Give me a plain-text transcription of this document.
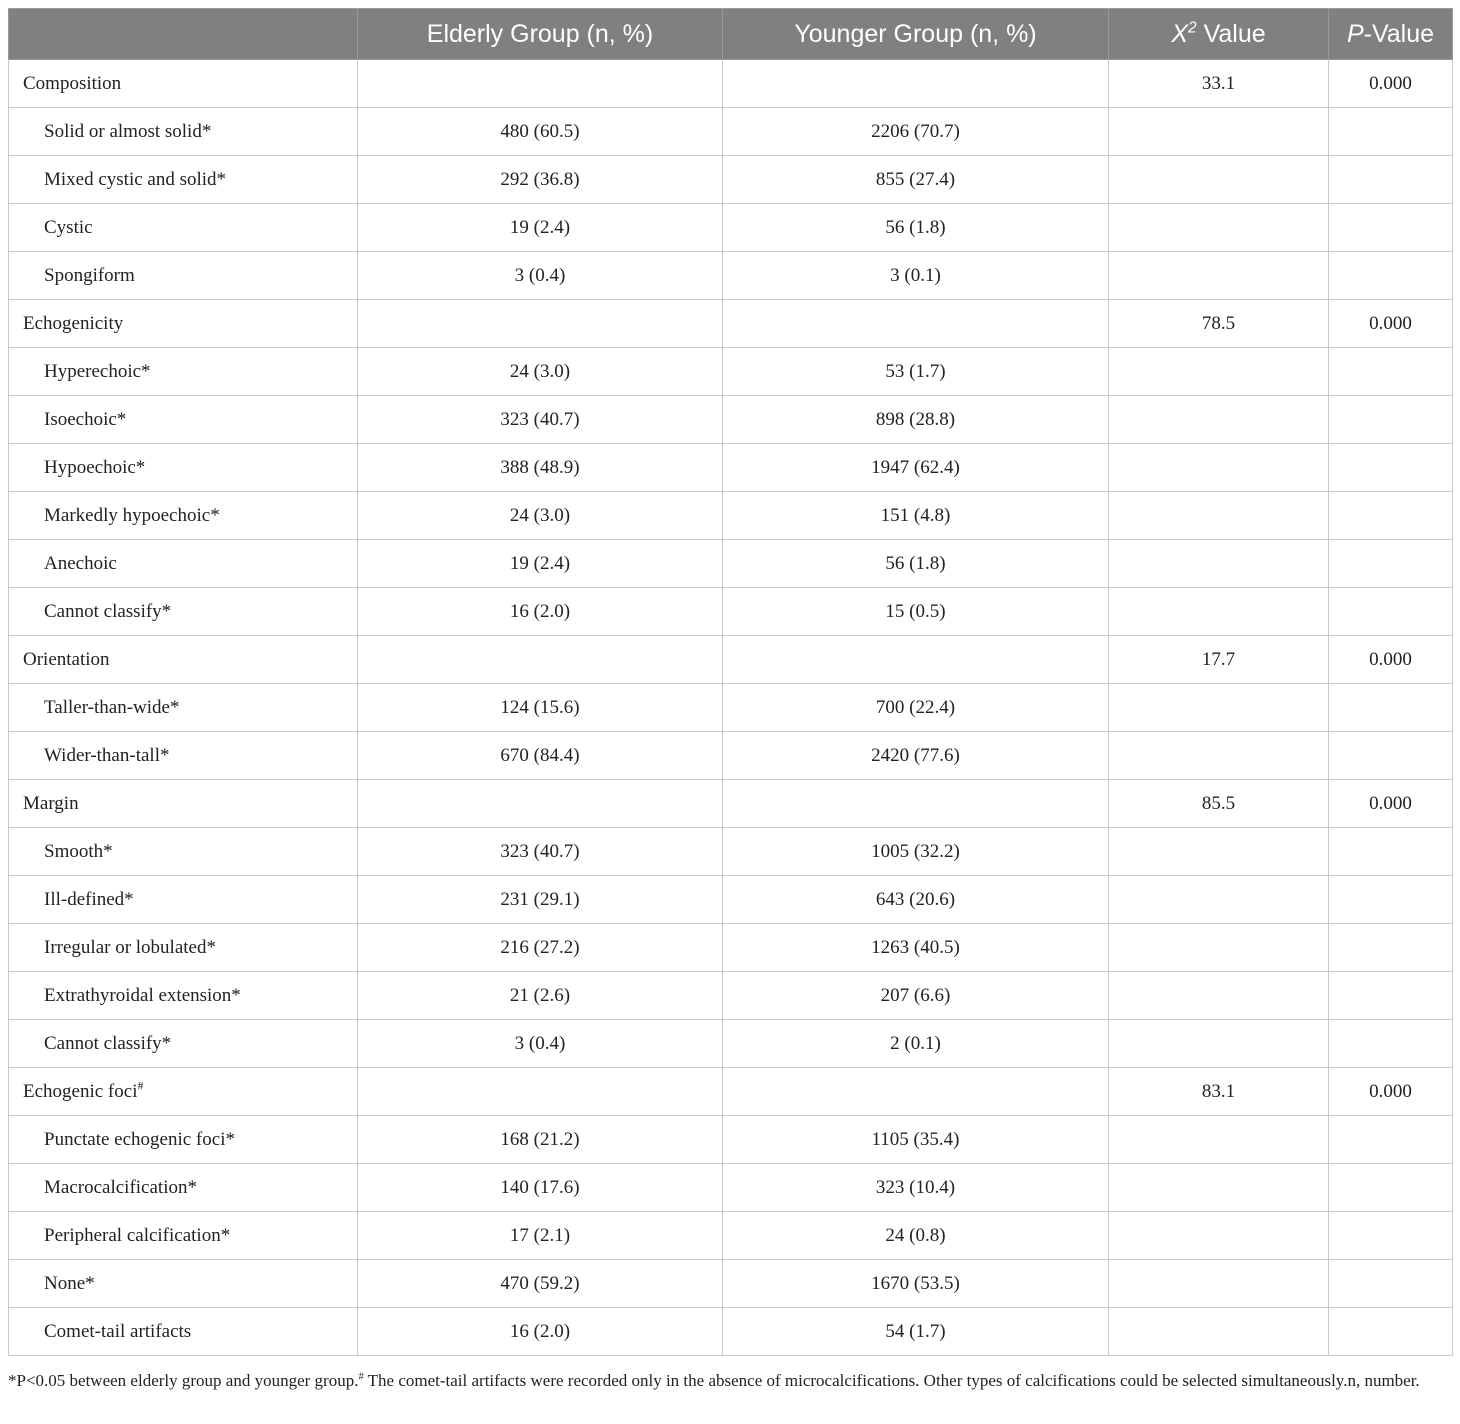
	Elderly Group (n, %)	Younger Group (n, %)	$X^2$ Value	P-Value
Composition			33.1	0.000
Solid or almost solid*	480 (60.5)	2206 (70.7)		
Mixed cystic and solid*	292 (36.8)	855 (27.4)		
Cystic	19 (2.4)	56 (1.8)		
Spongiform	3 (0.4)	3 (0.1)		
Echogenicity			78.5	0.000
Hyperechoic*	24 (3.0)	53 (1.7)		
Isoechoic*	323 (40.7)	898 (28.8)		
Hypoechoic*	388 (48.9)	1947 (62.4)		
Markedly hypoechoic*	24 (3.0)	151 (4.8)		
Anechoic	19 (2.4)	56 (1.8)		
Cannot classify*	16 (2.0)	15 (0.5)		
Orientation			17.7	0.000
Taller-than-wide*	124 (15.6)	700 (22.4)		
Wider-than-tall*	670 (84.4)	2420 (77.6)		
Margin			85.5	0.000
Smooth*	323 (40.7)	1005 (32.2)		
Ill-defined*	231 (29.1)	643 (20.6)		
Irregular or lobulated*	216 (27.2)	1263 (40.5)		
Extrathyroidal extension*	21 (2.6)	207 (6.6)		
Cannot classify*	3 (0.4)	2 (0.1)		
Echogenic foci#			83.1	0.000
Punctate echogenic foci*	168 (21.2)	1105 (35.4)		
Macrocalcification*	140 (17.6)	323 (10.4)		
Peripheral calcification*	17 (2.1)	24 (0.8)		
None*	470 (59.2)	1670 (53.5)		
Comet-tail artifacts	16 (2.0)	54 (1.7)		
*P<0.05 between elderly group and younger group.# The comet-tail artifacts were recorded only in the absence of microcalcifications. Other types of calcifications could be selected simultaneously.n, number.
